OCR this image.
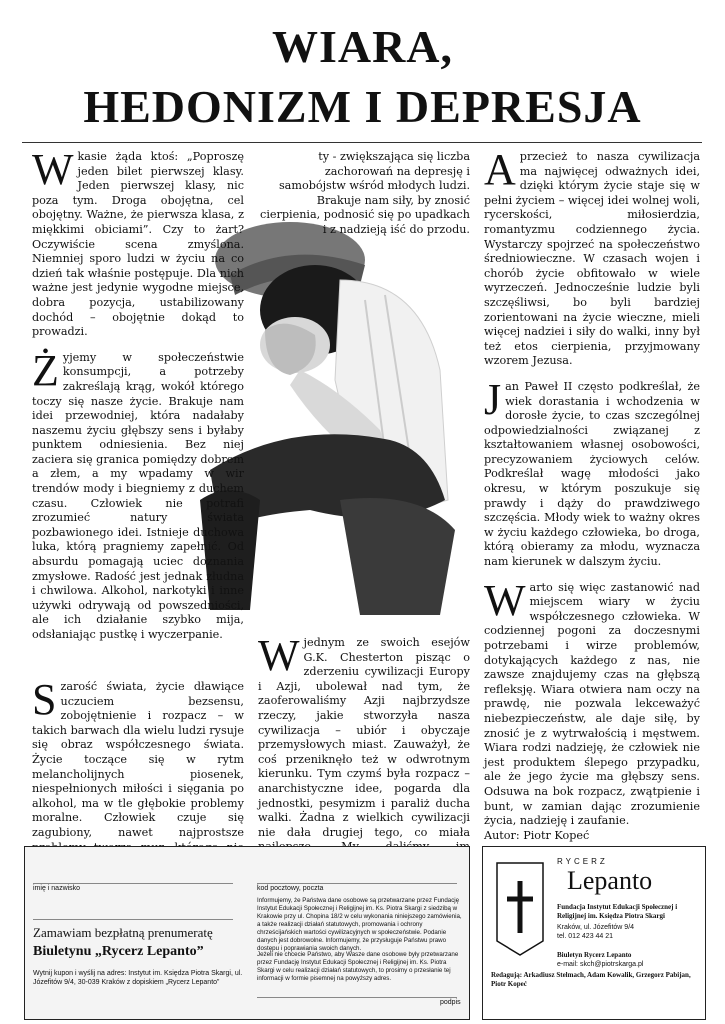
WIARA,
HEDONIZM I DEPRESJA

Wkasie żąda ktoś: „Poproszę jeden bilet pierwszej klasy. Jeden pierwszej klasy, nic poza tym. Droga obojętna, cel obojętny. Ważne, że pierwsza klasa, z miękkimi obiciami”. Czy to żart? Oczywiście scena zmyślona. Niemniej sporo ludzi w życiu na co dzień tak właśnie postępuje. Dla nich ważne jest jedynie wygodne miejsce, dobra pozycja, ustabilizowany dochód – obojętnie dokąd to prowadzi.

Żyjemy w społeczeństwie konsumpcji, a potrzeby zakreślają krąg, wokół którego toczy się nasze życie. Brakuje nam idei przewodniej, która nadałaby naszemu życiu głębszy sens i byłaby punktem odniesienia. Bez niej zaciera się granica pomiędzy dobrem a złem, a my wpadamy w wir trendów mody i biegniemy z duchem czasu. Człowiek nie potrafi zrozumieć natury świata pozbawionego idei. Istnieje duchowa luka, którą pragniemy zapełnić. Od absurdu pomagają uciec doznania zmysłowe. Radość jest jednak złudna i chwilowa. Alkohol, narkotyki i inne używki odrywają od powszedniości, ale ich działanie szybko mija, odsłaniając pustkę i wyczerpanie.

Szarość świata, życie dławiące uczuciem bezsensu, zobojętnienie i rozpacz – w takich barwach dla wielu ludzi rysuje się obraz współczesnego świata. Życie toczące się w rytm melancholijnych piosenek, niespełnionych miłości i sięgania po alkohol, ma w tle głębokie problemy moralne. Człowiek czuje się zagubiony, nawet najprostsze

ty - zwiększająca się liczba zachorowań na depresję i samobójstw wśród młodych ludzi. Brakuje nam siły, by znosić cierpienia, podnosić się po upadkach i z nadzieją iść do przodu.

Wjednym ze swoich esejów G.K. Chesterton pisząc o zderzeniu cywilizacji Europy i Azji, ubolewał nad tym, że zaoferowaliśmy Azji najbrzydsze rzeczy, jakie stworzyła nasza cywilizacja – ubiór i obyczaje przemysłowych miast. Zauważył, że coś przeniknęło też w odwrotnym kierunku. Tym czymś była rozpacz – anarchistyczne idee, pogarda dla jednostki, pesymizm i paraliż ducha walki. Żadna z wielkich cywilizacji nie dała drugiej tego, co miała

Aprzecież to nasza cywilizacja ma najwięcej odważnych idei, dzięki którym życie staje się w pełni życiem – więcej idei wolnej woli, rycerskości, miłosierdzia, romantyzmu codziennego życia. Wystarczy spojrzeć na społeczeństwo średniowieczne. W czasach wojen i chorób życie obfitowało w wiele wyrzeczeń. Jednocześnie ludzie byli szczęśliwsi, bo byli bardziej zorientowani na życie wieczne, mieli więcej nadziei i siły do walki, inny był też etos cierpienia, przyjmowany wzorem Jezusa.

Jan Paweł II często podkreślał, że wiek dorastania i wchodzenia w dorosłe życie, to czas szczególnej odpowiedzialności związanej z kształtowaniem własnej osobowości, precyzowaniem życiowych celów. Podkreślał wagę młodości jako okresu, w którym poszukuje się prawdy i dąży do prawdziwego szczęścia. Młody wiek to ważny okres w życiu każdego człowieka, bo droga, którą obieramy za młodu, wyznacza nam kierunek w dalszym życiu.

Warto się więc zastanowić nad miejscem wiary w życiu współczesnego człowieka. W codziennej pogoni za doczesnymi potrzebami i wirze problemów, dotykających każdego z nas, nie zawsze znajdujemy czas na głębszą refleksję. Wiara otwiera nam oczy na prawdę, nie pozwala lekceważyć niebezpieczeństw, ale daje siłę, by znosić je z wytrwałością i męstwem. Wiara rodzi nadzieję, że człowiek nie jest produktem ślepego przypadku, ale że jego życie ma głębszy sens. Odsuwa na bok rozpacz, zwątpienie i bunt, w zamian dając zrozumienie życia, nadzieję i zaufanie.

Autor: Piotr Kopeć
imię i nazwisko	kod pocztowy, poczta
Zamawiam bezpłatną prenumeratę
Biuletynu „Rycerz Lepanto”
Wytnij kupon i wyślij na adres: Instytut im. Księdza Piotra Skargi, ul. Józefitów 9/4, 30-039 Kraków z dopiskiem „Rycerz Lepanto”
Informujemy, że Państwa dane osobowe są przetwarzane przez Fundację Instytut Edukacji Społecznej i Religijnej im. Ks. Piotra Skargi z siedzibą w Krakowie przy ul. Chopina 18/2 w celu wykonania niniejszego zamówienia, a także realizacji działań statutowych, promowania i ochrony chrześcijańskich wartości cywilizacyjnych w społeczeństwie. Podanie danych jest dobrowolne. Informujemy, że przysługuje Państwu prawo dostępu i poprawiania swoich danych.
Jeżeli nie chcecie Państwo, aby Wasze dane osobowe były przetwarzane przez Fundację Instytut Edukacji Społecznej i Religijnej im. Ks. Piotra Skargi w celu realizacji działań statutowych, to prosimy o przesłanie tej informacji w formie pisemnej na powyższy adres.
podpis
RYCERZ
Lepanto
Fundacja Instytut Edukacji Społecznej i Religijnej im. Księdza Piotra Skargi
Kraków, ul. Józefitów 9/4
tel. 012 423 44 21
Biuletyn Rycerz Lepanto
e-mail: skch@piotrskarga.pl
Redagują: Arkadiusz Stelmach, Adam Kowalik, Grzegorz Pabijan, Piotr Kopeć
